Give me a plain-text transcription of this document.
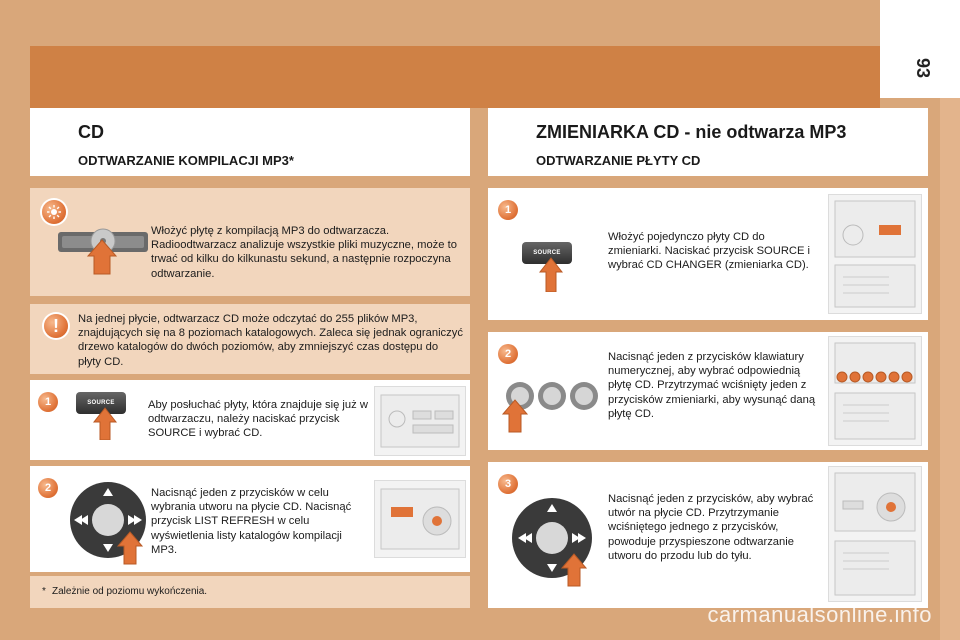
93
CD
ODTWARZANIE KOMPILACJI MP3*
Włożyć płytę z kompilacją MP3 do odtwarzacza. Radioodtwarzacz analizuje wszystkie pliki muzyczne, może to trwać od kilku do kilkunastu sekund, a następnie rozpoczyna odtwarzanie.
!	Na jednej płycie, odtwarzacz CD może odczytać do 255 plików MP3, znajdujących się na 8 poziomach katalogowych. Zaleca się jednak ograniczyć drzewo katalogów do dwóch poziomów, aby zmniejszyć czas dostępu do płyty CD.
1	SOURCE	Aby posłuchać płyty, która znajduje się już w odtwarzaczu, należy naciskać przycisk SOURCE i wybrać CD.
2	Nacisnąć jeden z przycisków w celu wybrania utworu na płycie CD. Nacisnąć przycisk LIST REFRESH w celu wyświetlenia listy katalogów kompilacji MP3.
* Zależnie od poziomu wykończenia.
ZMIENIARKA CD - nie odtwarza MP3
ODTWARZANIE PŁYTY CD
1
SOURCE
Włożyć pojedynczo płyty CD do zmieniarki. Naciskać przycisk SOURCE i wybrać CD CHANGER (zmieniarka CD).
2	Nacisnąć jeden z przycisków klawiatury numerycznej, aby wybrać odpowiednią płytę CD. Przytrzymać wciśnięty jeden z przycisków zmieniarki, aby wysunąć daną płytę CD.
3
Nacisnąć jeden z przycisków, aby wybrać utwór na płycie CD. Przytrzymanie wciśniętego jednego z przycisków, powoduje przyspieszone odtwarzanie utworu do przodu lub do tyłu.
carmanualsonline.info
